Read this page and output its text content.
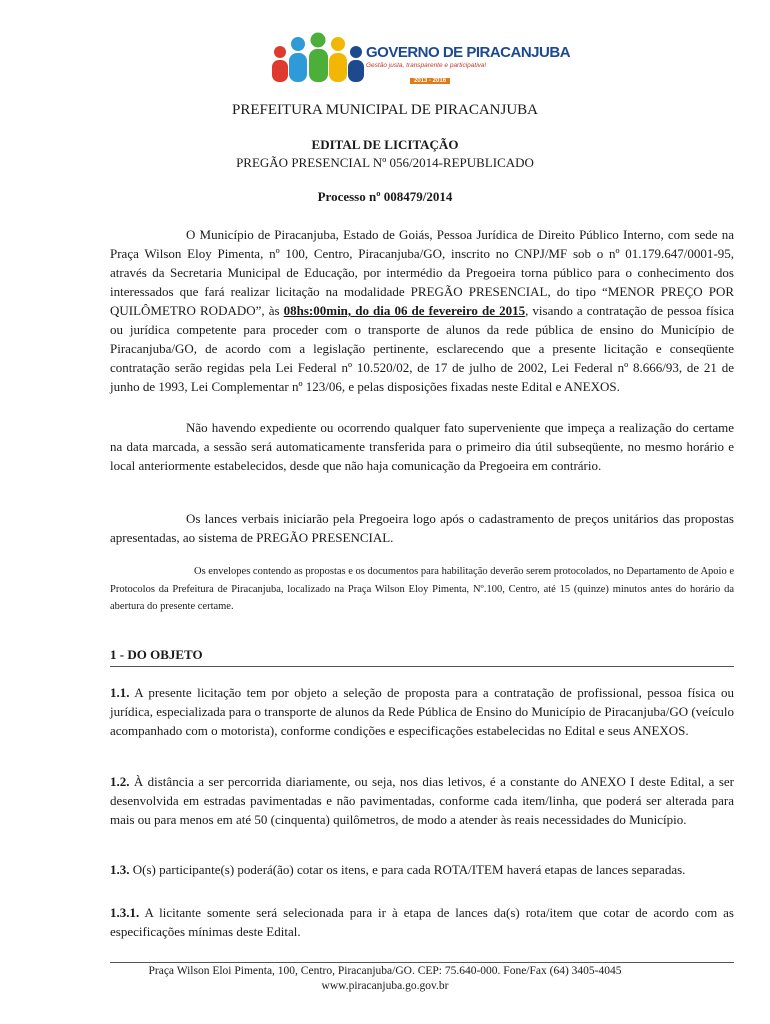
GOVERNO DE PIRACANJUBA
Gestão justa, transparente e participativa!
2013 - 2016
PREFEITURA MUNICIPAL DE PIRACANJUBA
EDITAL DE LICITAÇÃO
PREGÃO PRESENCIAL Nº 056/2014-REPUBLICADO
Processo nº 008479/2014

O Município de Piracanjuba, Estado de Goiás, Pessoa Jurídica de Direito Público Interno, com sede na Praça Wilson Eloy Pimenta, nº 100, Centro, Piracanjuba/GO, inscrito no CNPJ/MF sob o nº 01.179.647/0001-95, através da Secretaria Municipal de Educação, por intermédio da Pregoeira torna público para o conhecimento dos interessados que fará realizar licitação na modalidade PREGÃO PRESENCIAL, do tipo “MENOR PREÇO POR QUILÔMETRO RODADO”, às 08hs:00min, do dia 06 de fevereiro de 2015, visando a contratação de pessoa física ou jurídica competente para proceder com o transporte de alunos da rede pública de ensino do Município de Piracanjuba/GO, de acordo com a legislação pertinente, esclarecendo que a presente licitação e conseqüente contratação serão regidas pela Lei Federal nº 10.520/02, de 17 de julho de 2002, Lei Federal nº 8.666/93, de 21 de junho de 1993, Lei Complementar nº 123/06, e pelas disposições fixadas neste Edital e ANEXOS.

Não havendo expediente ou ocorrendo qualquer fato superveniente que impeça a realização do certame na data marcada, a sessão será automaticamente transferida para o primeiro dia útil subseqüente, no mesmo horário e local anteriormente estabelecidos, desde que não haja comunicação da Pregoeira em contrário.

Os lances verbais iniciarão pela Pregoeira logo após o cadastramento de preços unitários das propostas apresentadas, ao sistema de PREGÃO PRESENCIAL.

Os envelopes contendo as propostas e os documentos para habilitação deverão serem protocolados, no Departamento de Apoio e Protocolos da Prefeitura de Piracanjuba, localizado na Praça Wilson Eloy Pimenta, Nº.100, Centro, até 15 (quinze) minutos antes do horário da abertura do presente certame.

1 - DO OBJETO

1.1. A presente licitação tem por objeto a seleção de proposta para a contratação de profissional, pessoa física ou jurídica, especializada para o transporte de alunos da Rede Pública de Ensino do Município de Piracanjuba/GO (veículo acompanhado com o motorista), conforme condições e especificações estabelecidas no Edital e seus ANEXOS.

1.2. À distância a ser percorrida diariamente, ou seja, nos dias letivos, é a constante do ANEXO I deste Edital, a ser desenvolvida em estradas pavimentadas e não pavimentadas, conforme cada item/linha, que poderá ser alterada para mais ou para menos em até 50 (cinquenta) quilômetros, de modo a atender às reais necessidades do Município.

1.3. O(s) participante(s) poderá(ão) cotar os itens, e para cada ROTA/ITEM haverá etapas de lances separadas.

1.3.1. A licitante somente será selecionada para ir à etapa de lances da(s) rota/item que cotar de acordo com as especificações mínimas deste Edital.

Praça Wilson Eloi Pimenta, 100, Centro, Piracanjuba/GO. CEP: 75.640-000. Fone/Fax (64) 3405-4045
www.piracanjuba.go.gov.br
